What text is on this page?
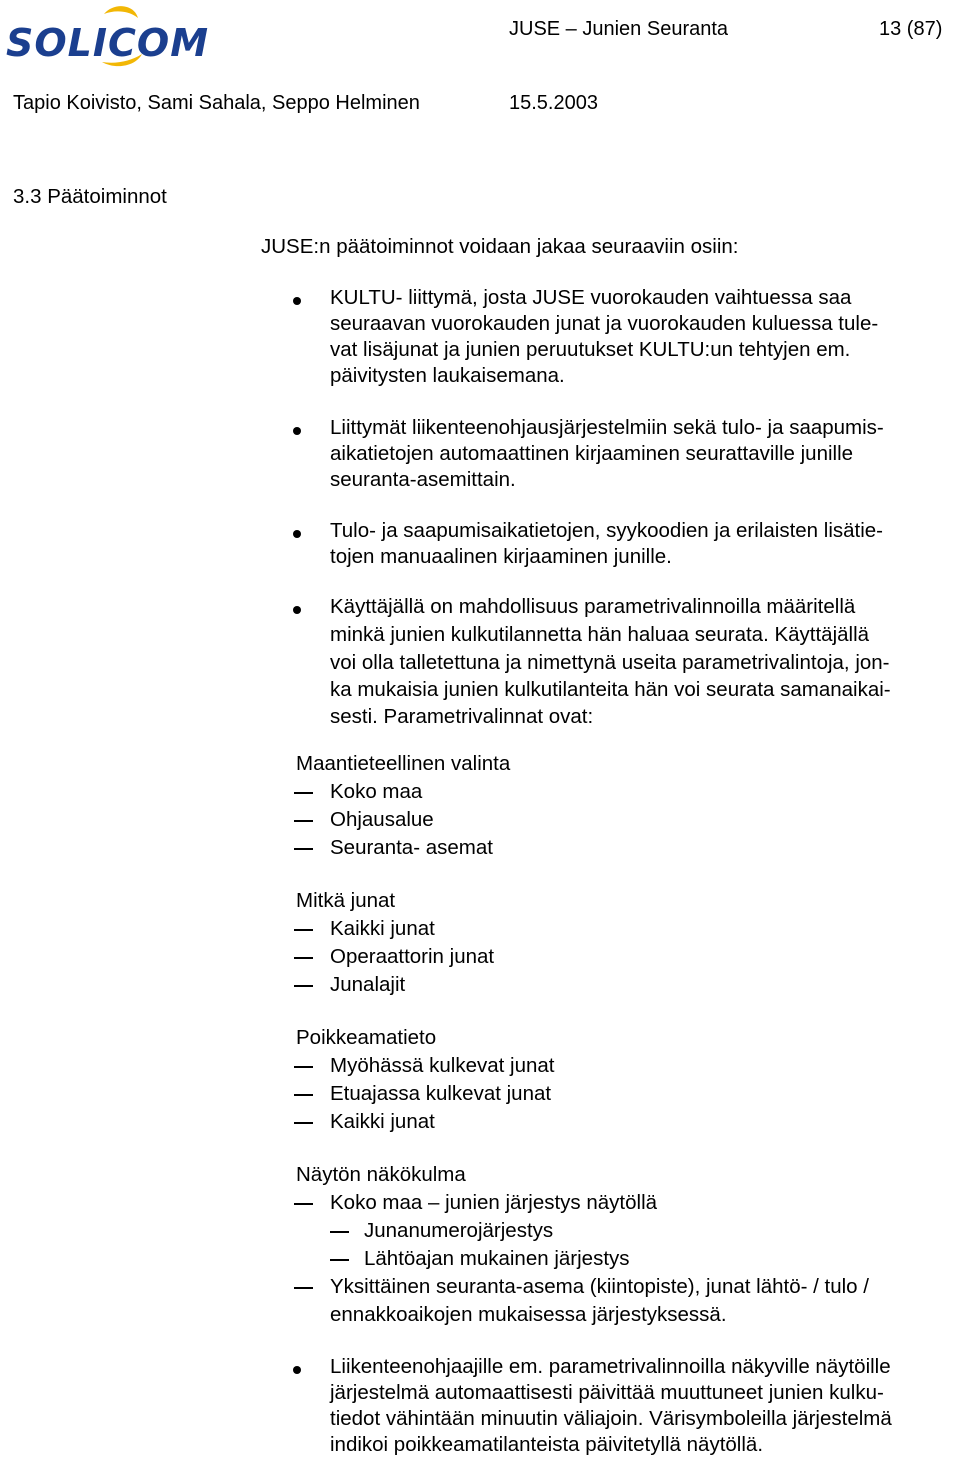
SOLICOM	JUSE – Junien Seuranta	13 (87)
Tapio Koivisto, Sami Sahala, Seppo Helminen	15.5.2003
3.3 Päätoiminnot
JUSE:n päätoiminnot voidaan jakaa seuraaviin osiin:
KULTU- liittymä, josta JUSE vuorokauden vaihtuessa saa
seuraavan vuorokauden junat ja vuorokauden kuluessa tule-
vat lisäjunat ja junien peruutukset KULTU:un tehtyjen em.
päivitysten laukaisemana.
Liittymät liikenteenohjausjärjestelmiin sekä tulo- ja saapumis-
aikatietojen automaattinen kirjaaminen seurattaville junille
seuranta-asemittain.
Tulo- ja saapumisaikatietojen, syykoodien ja erilaisten lisätie-
tojen manuaalinen kirjaaminen junille.
Käyttäjällä on mahdollisuus parametrivalinnoilla määritellä
minkä junien kulkutilannetta hän haluaa seurata. Käyttäjällä
voi olla talletettuna ja nimettynä useita parametrivalintoja, jon-
ka mukaisia junien kulkutilanteita hän voi seurata samanaikai-
sesti. Parametrivalinnat ovat:
Maantieteellinen valinta
Koko maa
Ohjausalue
Seuranta- asemat
Mitkä junat
Kaikki junat
Operaattorin junat
Junalajit
Poikkeamatieto
Myöhässä kulkevat junat
Etuajassa kulkevat junat
Kaikki junat
Näytön näkökulma
Koko maa – junien järjestys näytöllä
Junanumerojärjestys
Lähtöajan mukainen järjestys
Yksittäinen seuranta-asema (kiintopiste), junat lähtö- / tulo /
ennakkoaikojen mukaisessa järjestyksessä.
Liikenteenohjaajille em. parametrivalinnoilla näkyville näytöille
järjestelmä automaattisesti päivittää muuttuneet junien kulku-
tiedot vähintään minuutin väliajoin. Värisymboleilla järjestelmä
indikoi poikkeamatilanteista päivitetyllä näytöllä.
